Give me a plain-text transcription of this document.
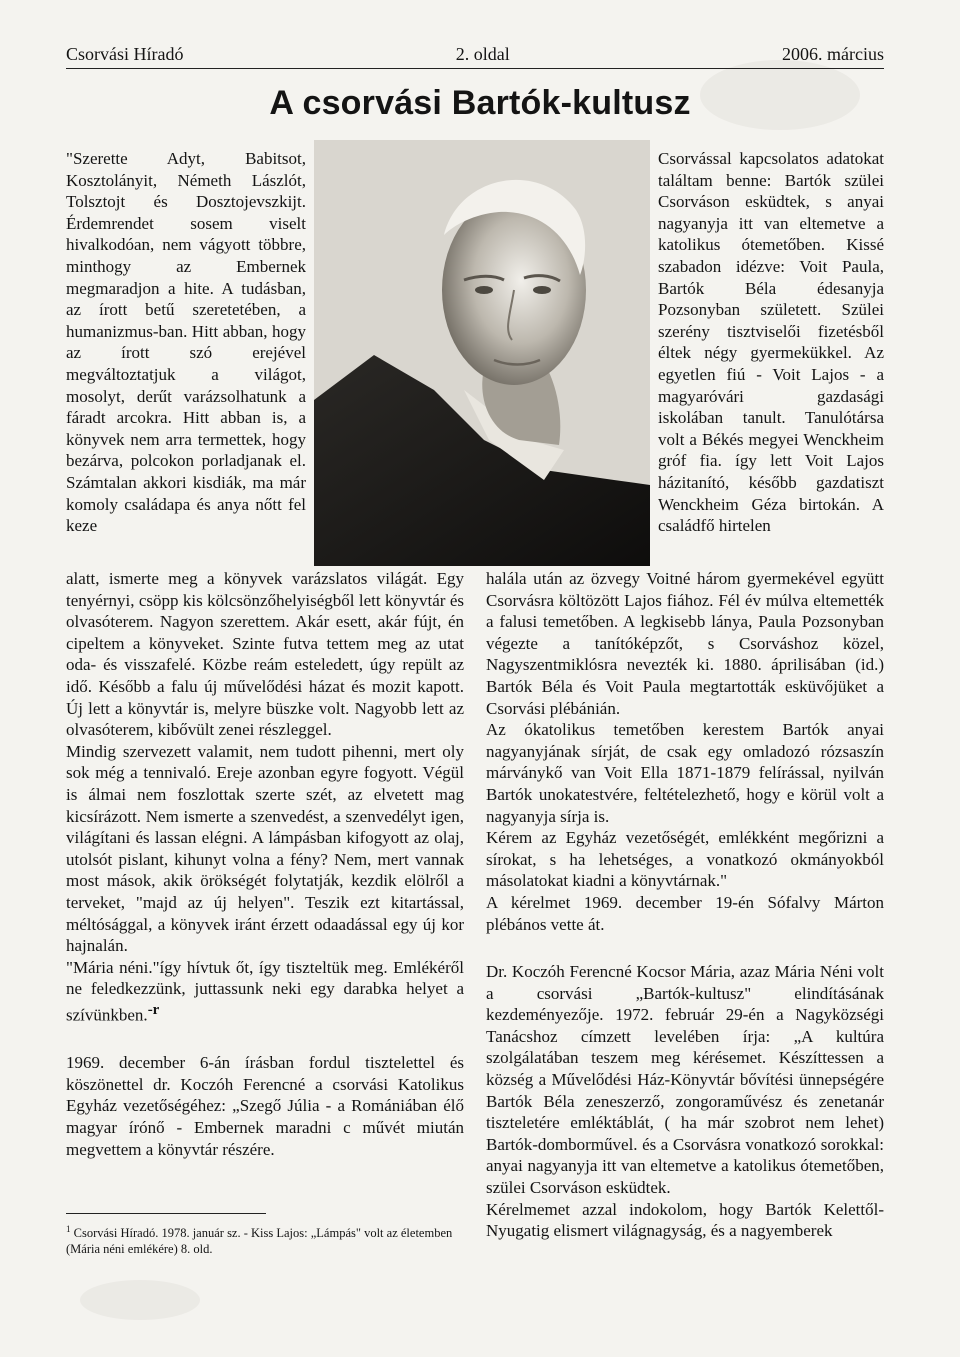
Csorvási Híradó	2. oldal	2006. március
A csorvási Bartók-kultusz

"Szerette Adyt, Babitsot, Kosztolányit, Németh Lászlót, Tolsztojt és Dosztojevszkijt. Érdemrendet sosem viselt hivalkodóan, nem vágyott többre, minthogy az Embernek megmaradjon a hite. A tudásban, az írott betű szeretetében, a humanizmus-ban. Hitt abban, hogy az írott szó erejével megváltoztatjuk a világot, mosolyt, derűt varázsolhatunk a fáradt arcokra. Hitt abban is, a könyvek nem arra termettek, hogy bezárva, polcokon porladjanak el. Számtalan akkori kisdiák, ma már komoly családapa és anya nőtt fel keze

Csorvással kapcsolatos adatokat találtam benne: Bartók szülei Csorváson esküdtek, s anyai nagyanyja itt van eltemetve a katolikus ótemetőben. Kissé szabadon idézve: Voit Paula, Bartók Béla édesanyja Pozsonyban született. Szülei szerény tisztviselői fizetésből éltek négy gyermekükkel. Az egyetlen fiú - Voit Lajos - a magyaróvári gazdasági iskolában tanult. Tanulótársa volt a Békés megyei Wenckheim gróf fia. így lett Voit Lajos házitanító, később gazdatiszt Wenckheim Géza birtokán. A családfő hirtelen

alatt, ismerte meg a könyvek varázslatos világát. Egy tenyérnyi, csöpp kis kölcsönzőhelyiségből lett könyvtár és olvasóterem. Nagyon szerettem. Akár esett, akár fújt, én cipeltem a könyveket. Szinte futva tettem meg az utat oda- és visszafelé. Közbe reám esteledett, úgy repült az idő. Később a falu új művelődési házat és mozit kapott. Új lett a könyvtár is, melyre büszke volt. Nagyobb lett az olvasóterem, kibővült zenei részleggel.

Mindig szervezett valamit, nem tudott pihenni, mert oly sok még a tennivaló. Ereje azonban egyre fogyott. Végül is álmai nem foszlottak szerte szét, az elvetett mag kicsírázott. Nem ismerte a szenvedést, a szenvedélyt igen, világítani és lassan elégni. A lámpásban kifogyott az olaj, utolsót pislant, kihunyt volna a fény? Nem, mert vannak most mások, akik örökségét folytatják, kezdik elölről a terveket, "majd az új helyen". Teszik ezt kitartással, méltósággal, a könyvek iránt érzett odaadással egy új kor hajnalán.

"Mária néni."így hívtuk őt, így tiszteltük meg. Emlékéről ne feledkezzünk, juttassunk neki egy darabka helyet a szívünkben.-r

1969. december 6-án írásban fordul tisztelettel és köszönettel dr. Koczóh Ferencné a csorvási Katolikus Egyház vezetőségéhez: „Szegő Júlia - a Romániában élő magyar írónő - Embernek maradni c művét miután megvettem a könyvtár részére.

$^1$ Csorvási Híradó. 1978. január sz. - Kiss Lajos: „Lámpás" volt az életemben (Mária néni emlékére) 8. old.

halála után az özvegy Voitné három gyermekével együtt Csorvásra költözött Lajos fiához. Fél év múlva eltemették a falusi temetőben. A legkisebb lánya, Paula Pozsonyban végezte a tanítóképzőt, s Csorváshoz közel, Nagyszentmiklósra nevezték ki. 1880. áprilisában (id.) Bartók Béla és Voit Paula megtartották esküvőjüket a Csorvási plébánián.

Az ókatolikus temetőben kerestem Bartók anyai nagyanyjának sírját, de csak egy omladozó rózsaszín márványkő van Voit Ella 1871-1879 felírással, nyilván Bartók unokatestvére, feltételezhető, hogy e körül volt a nagyanyja sírja is.

Kérem az Egyház vezetőségét, emlékként megőrizni a sírokat, s ha lehetséges, a vonatkozó okmányokból másolatokat kiadni a könyvtárnak."

A kérelmet 1969. december 19-én Sófalvy Márton plébános vette át.

Dr. Koczóh Ferencné Kocsor Mária, azaz Mária Néni volt a csorvási „Bartók-kultusz" elindításának kezdeményezője. 1972. február 29-én a Nagyközségi Tanácshoz címzett levelében írja: „A kultúra szolgálatában teszem meg kérésemet. Készíttessen a község a Művelődési Ház-Könyvtár bővítési ünnepségére Bartók Béla zeneszerző, zongoraművész és zenetanár tiszteletére emléktáblát, ( ha már szobrot nem lehet) Bartók-domborművel. és a Csorvásra vonatkozó sorokkal: anyai nagyanyja itt van eltemetve a katolikus ótemetőben, szülei Csorváson esküdtek.

Kérelmemet azzal indokolom, hogy Bartók Kelettől-Nyugatig elismert világnagyság, és a nagyemberek
